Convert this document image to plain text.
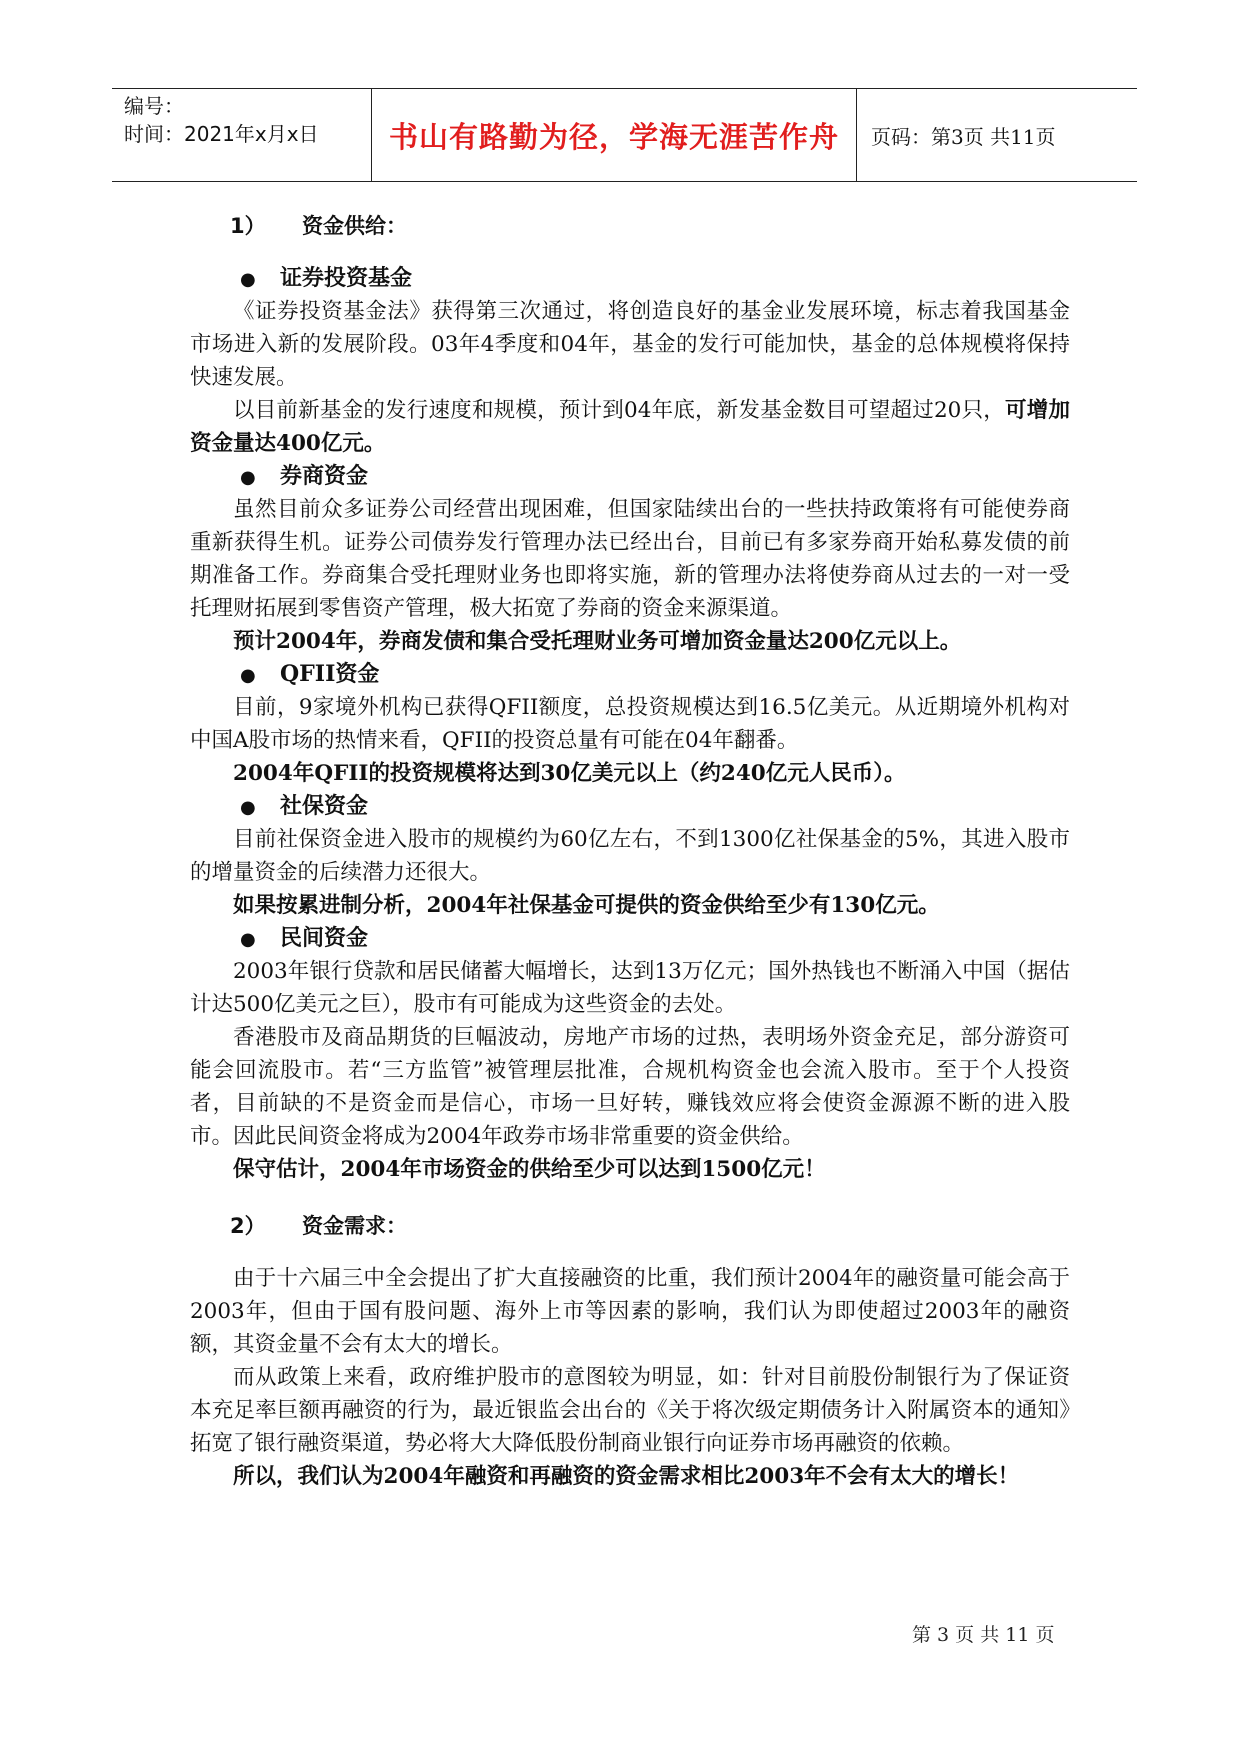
编号：
时间：2021年x月x日	书山有路勤为径，学海无涯苦作舟 页码：第3页 共11页
1） 资金供给：
● 证券投资基金

《证券投资基金法》获得第三次通过，将创造良好的基金业发展环境，标志着我国基金市场进入新的发展阶段。03年4季度和04年，基金的发行可能加快，基金的总体规模将保持快速发展。

以目前新基金的发行速度和规模，预计到04年底，新发基金数目可望超过20只，可增加资金量达400亿元。

● 券商资金

虽然目前众多证券公司经营出现困难，但国家陆续出台的一些扶持政策将有可能使券商重新获得生机。证券公司债券发行管理办法已经出台，目前已有多家券商开始私募发债的前期准备工作。券商集合受托理财业务也即将实施，新的管理办法将使券商从过去的一对一受托理财拓展到零售资产管理，极大拓宽了券商的资金来源渠道。

预计2004年，券商发债和集合受托理财业务可增加资金量达200亿元以上。

● QFII资金

目前，9家境外机构已获得QFII额度，总投资规模达到16.5亿美元。从近期境外机构对中国A股市场的热情来看，QFII的投资总量有可能在04年翻番。

2004年QFII的投资规模将达到30亿美元以上（约240亿元人民币）。

● 社保资金

目前社保资金进入股市的规模约为60亿左右，不到1300亿社保基金的5%，其进入股市的增量资金的后续潜力还很大。

如果按累进制分析，2004年社保基金可提供的资金供给至少有130亿元。

● 民间资金

2003年银行贷款和居民储蓄大幅增长，达到13万亿元；国外热钱也不断涌入中国（据估计达500亿美元之巨），股市有可能成为这些资金的去处。

香港股市及商品期货的巨幅波动，房地产市场的过热，表明场外资金充足，部分游资可能会回流股市。若“三方监管”被管理层批准，合规机构资金也会流入股市。至于个人投资者，目前缺的不是资金而是信心，市场一旦好转，赚钱效应将会使资金源源不断的进入股市。因此民间资金将成为2004年政券市场非常重要的资金供给。

保守估计，2004年市场资金的供给至少可以达到1500亿元！

2） 资金需求：

由于十六届三中全会提出了扩大直接融资的比重，我们预计2004年的融资量可能会高于2003年，但由于国有股问题、海外上市等因素的影响，我们认为即使超过2003年的融资额，其资金量不会有太大的增长。

而从政策上来看，政府维护股市的意图较为明显，如：针对目前股份制银行为了保证资本充足率巨额再融资的行为，最近银监会出台的《关于将次级定期债务计入附属资本的通知》拓宽了银行融资渠道，势必将大大降低股份制商业银行向证券市场再融资的依赖。

所以，我们认为2004年融资和再融资的资金需求相比2003年不会有太大的增长！

第 3 页 共 11 页
